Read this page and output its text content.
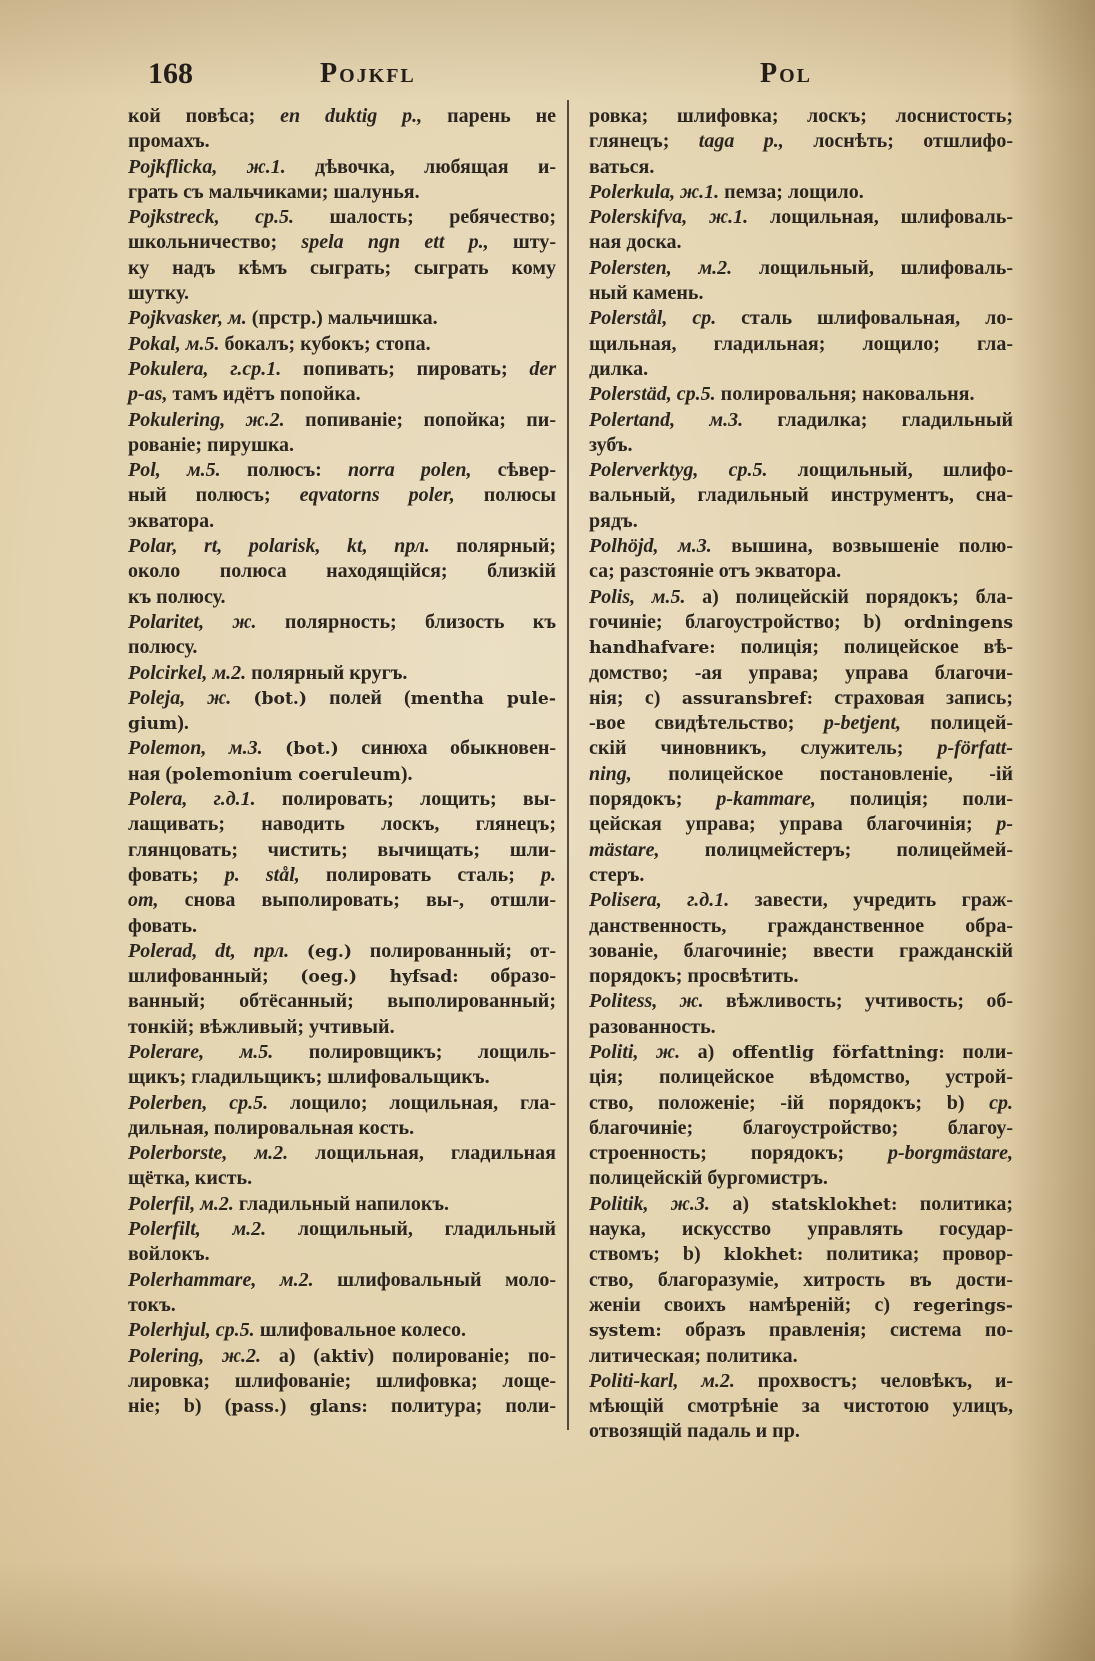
168	Pojkfl	Pol
кой повѣса; en duktig p., парень не
промахъ.
Pojkflicka, ж.1. дѣвочка, любящая и-
грать съ мальчиками; шалунья.
Pojkstreck, ср.5. шалость; ребячество;
школьничество; spela ngn ett p., шту-
ку надъ кѣмъ сыграть; сыграть кому
шутку.
Pojkvasker, м. (прстр.) мальчишка.
Pokal, м.5. бокалъ; кубокъ; стопа.
Pokulera, г.ср.1. попивать; пировать; der
p-as, тамъ идётъ попойка.
Pokulering, ж.2. попиваніе; попойка; пи-
рованіе; пирушка.
Pol, м.5. полюсъ: norra polen, сѣвер-
ный полюсъ; eqvatorns poler, полюсы
экватора.
Polar, rt, polarisk, kt, прл. полярный;
около полюса находящійся; близкій
къ полюсу.
Polaritet, ж. полярность; близость къ
полюсу.
Polcirkel, м.2. полярный кругъ.
Poleja, ж. (bot.) полей (mentha pule-
gium).
Polemon, м.3. (bot.) синюха обыкновен-
ная (polemonium coeruleum).
Polera, г.д.1. полировать; лощить; вы-
лащивать; наводить лоскъ, глянецъ;
глянцовать; чистить; вычищать; шли-
фовать; p. stål, полировать сталь; p.
om, снова выполировать; вы-, отшли-
фовать.
Polerad, dt, прл. (eg.) полированный; от-
шлифованный; (oeg.) hyfsad: образо-
ванный; обтёсанный; выполированный;
тонкій; вѣжливый; учтивый.
Polerare, м.5. полировщикъ; лощиль-
щикъ; гладильщикъ; шлифовальщикъ.
Polerben, ср.5. лощило; лощильная, гла-
дильная, полировальная кость.
Polerborste, м.2. лощильная, гладильная
щётка, кисть.
Polerfil, м.2. гладильный напилокъ.
Polerfilt, м.2. лощильный, гладильный
войлокъ.
Polerhammare, м.2. шлифовальный моло-
токъ.
Polerhjul, ср.5. шлифовальное колесо.
Polering, ж.2. a) (aktiv) полированіе; по-
лировка; шлифованіе; шлифовка; лоще-
ніе; b) (pass.) glans: политура; поли-
ровка; шлифовка; лоскъ; лоснистость;
глянецъ; taga p., лоснѣть; отшлифо-
ваться.
Polerkula, ж.1. пемза; лощило.
Polerskifva, ж.1. лощильная, шлифоваль-
ная доска.
Polersten, м.2. лощильный, шлифоваль-
ный камень.
Polerstål, ср. сталь шлифовальная, ло-
щильная, гладильная; лощило; гла-
дилка.
Polerstäd, ср.5. полировальня; наковальня.
Polertand, м.3. гладилка; гладильный
зубъ.
Polerverktyg, ср.5. лощильный, шлифо-
вальный, гладильный инструментъ, сна-
рядъ.
Polhöjd, м.3. вышина, возвышеніе полю-
са; разстояніе отъ экватора.
Polis, м.5. a) полицейскій порядокъ; бла-
гочиніе; благоустройство; b) ordningens
handhafvare: полиція; полицейское вѣ-
домство; -ая управа; управа благочи-
нія; c) assuransbref: страховая запись;
-вое свидѣтельство; p-betjent, полицей-
скій чиновникъ, служитель; p-författ-
ning, полицейское постановленіе, -ій
порядокъ; p-kammare, полиція; поли-
цейская управа; управа благочинія; p-
mästare, полицмейстеръ; полицеймей-
стеръ.
Polisera, г.д.1. завести, учредить граж-
данственность, гражданственное обра-
зованіе, благочиніе; ввести гражданскій
порядокъ; просвѣтить.
Politess, ж. вѣжливость; учтивость; об-
разованность.
Politi, ж. a) offentlig författning: поли-
ція; полицейское вѣдомство, устрой-
ство, положеніе; -ій порядокъ; b) ср.
благочиніе; благоустройство; благоу-
строенность; порядокъ; p-borgmästare,
полицейскій бургомистръ.
Politik, ж.3. a) statsklokhet: политика;
наука, искусство управлять государ-
ствомъ; b) klokhet: политика; провор-
ство, благоразуміе, хитрость въ дости-
женіи своихъ намѣреній; c) regerings-
system: образъ правленія; система по-
литическая; политика.
Politi-karl, м.2. прохвостъ; человѣкъ, и-
мѣющій смотрѣніе за чистотою улицъ,
отвозящій падаль и пр.
